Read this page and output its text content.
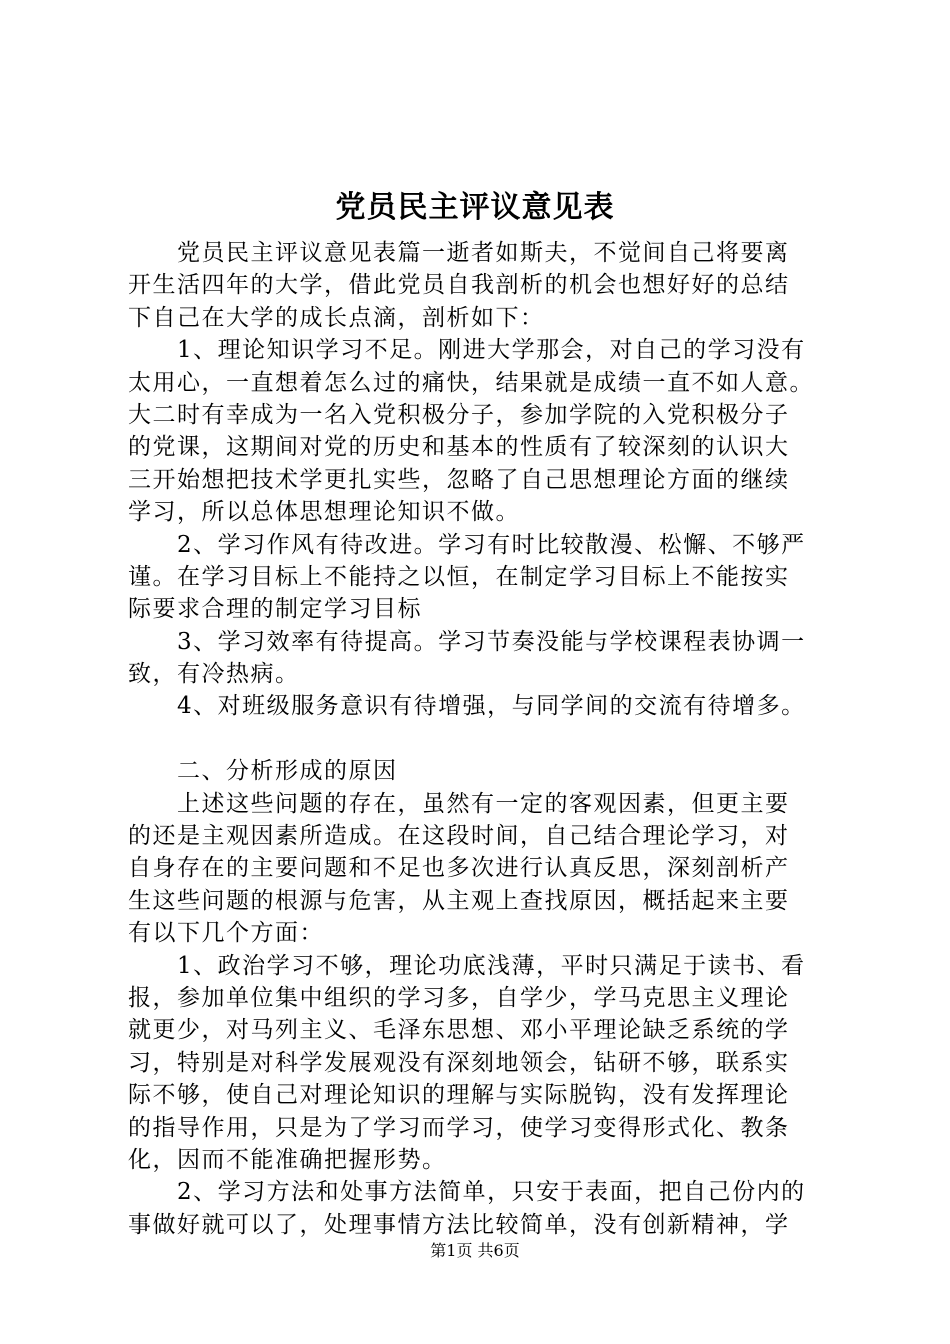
党员民主评议意见表
　　党员民主评议意见表篇一逝者如斯夫，不觉间自己将要离
开生活四年的大学，借此党员自我剖析的机会也想好好的总结
下自己在大学的成长点滴，剖析如下：
　　1、理论知识学习不足。刚进大学那会，对自己的学习没有
太用心，一直想着怎么过的痛快，结果就是成绩一直不如人意。
大二时有幸成为一名入党积极分子，参加学院的入党积极分子
的党课，这期间对党的历史和基本的性质有了较深刻的认识大
三开始想把技术学更扎实些，忽略了自己思想理论方面的继续
学习，所以总体思想理论知识不做。
　　2、学习作风有待改进。学习有时比较散漫、松懈、不够严
谨。在学习目标上不能持之以恒，在制定学习目标上不能按实
际要求合理的制定学习目标
　　3、学习效率有待提高。学习节奏没能与学校课程表协调一
致，有冷热病。
　　4、对班级服务意识有待增强，与同学间的交流有待增多。
　　二、分析形成的原因
　　上述这些问题的存在，虽然有一定的客观因素，但更主要
的还是主观因素所造成。在这段时间，自己结合理论学习，对
自身存在的主要问题和不足也多次进行认真反思，深刻剖析产
生这些问题的根源与危害，从主观上查找原因，概括起来主要
有以下几个方面：
　　1、政治学习不够，理论功底浅薄，平时只满足于读书、看
报，参加单位集中组织的学习多，自学少，学马克思主义理论
就更少，对马列主义、毛泽东思想、邓小平理论缺乏系统的学
习，特别是对科学发展观没有深刻地领会，钻研不够，联系实
际不够，使自己对理论知识的理解与实际脱钩，没有发挥理论
的指导作用，只是为了学习而学习，使学习变得形式化、教条
化，因而不能准确把握形势。
　　2、学习方法和处事方法简单，只安于表面，把自己份内的
事做好就可以了，处理事情方法比较简单，没有创新精神，学
第1页 共6页
